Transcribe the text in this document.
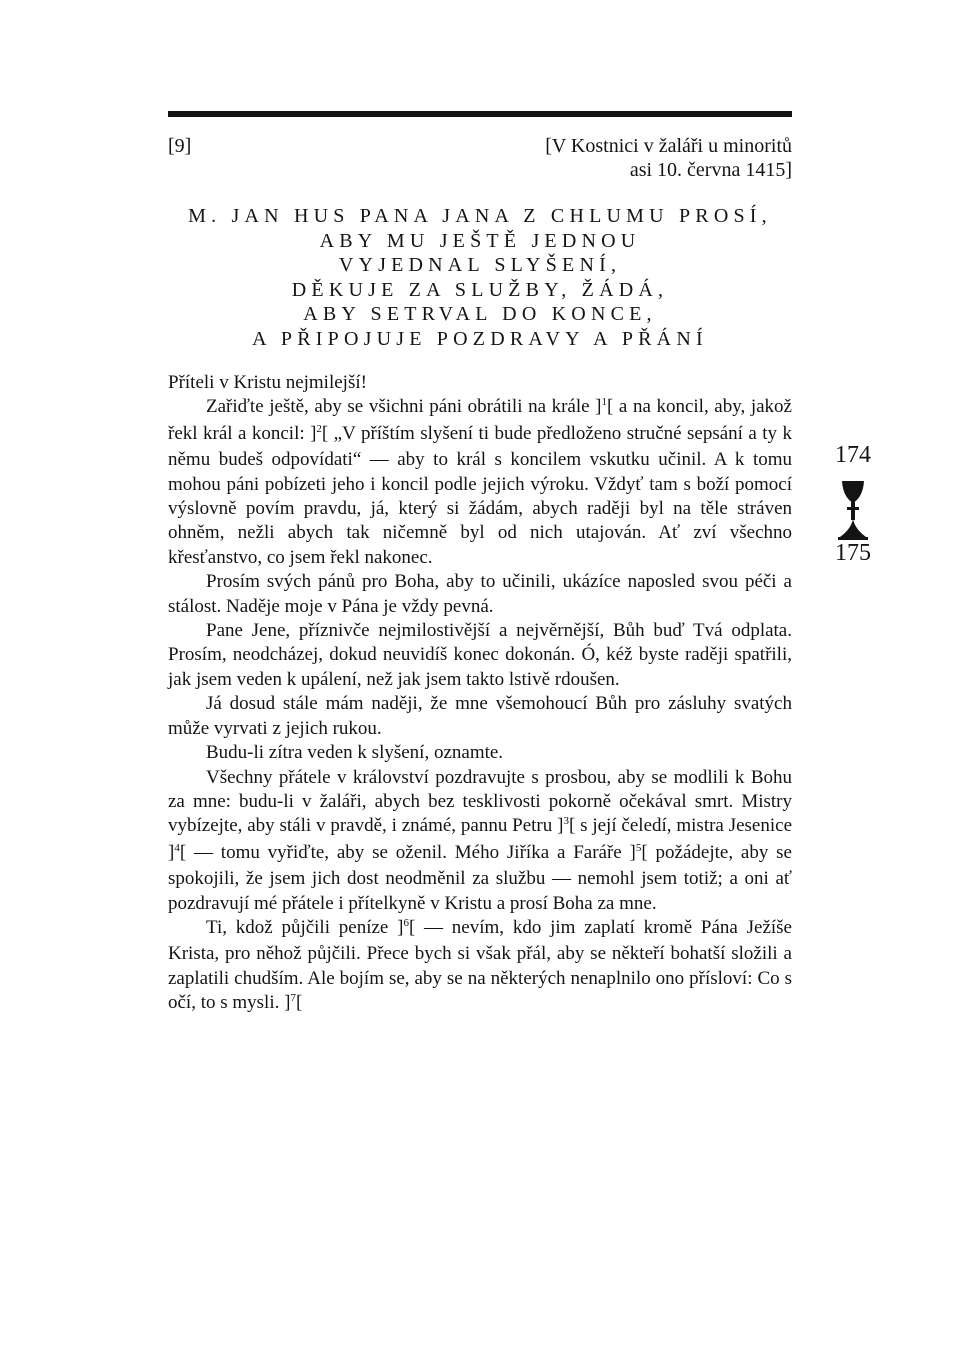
[9]	[V Kostnici v žaláři u minoritů
asi 10. června 1415]
M. JAN HUS PANA JANA Z CHLUMU PROSÍ,
ABY MU JEŠTĚ JEDNOU
VYJEDNAL SLYŠENÍ,
DĚKUJE ZA SLUŽBY, ŽÁDÁ,
ABY SETRVAL DO KONCE,
A PŘIPOJUJE POZDRAVY A PŘÁNÍ

Příteli v Kristu nejmilejší!

Zařiďte ještě, aby se všichni páni obrátili na krále ]$^1$[ a na koncil, aby, jakož řekl král a koncil: ]$^2$[ „V příštím slyšení ti bude předloženo stručné sepsání a ty k němu budeš odpovídati“ — aby to král s koncilem vskutku učinil. A k tomu mohou páni pobízeti jeho i koncil podle jejich výroku. Vždyť tam s boží pomocí výslovně povím pravdu, já, který si žádám, abych raději byl na těle stráven ohněm, nežli abych tak ničemně byl od nich utajován. Ať zví všechno křesťanstvo, co jsem řekl nakonec.

Prosím svých pánů pro Boha, aby to učinili, ukázíce naposled svou péči a stálost. Naděje moje v Pána je vždy pevná.

Pane Jene, příznivče nejmilostivější a nejvěrnější, Bůh buď Tvá odplata. Prosím, neodcházej, dokud neuvidíš konec dokonán. Ó, kéž byste raději spatřili, jak jsem veden k upálení, než jak jsem takto lstivě rdoušen.

Já dosud stále mám naději, že mne všemohoucí Bůh pro zásluhy svatých může vyrvati z jejich rukou.

Budu-li zítra veden k slyšení, oznamte.

Všechny přátele v království pozdravujte s prosbou, aby se modlili k Bohu za mne: budu-li v žaláři, abych bez tesklivosti pokorně očekával smrt. Mistry vybízejte, aby stáli v pravdě, i známé, pannu Petru ]$^3$[ s její čeledí, mistra Jesenice ]$^4$[ — tomu vyřiďte, aby se oženil. Mého Jiříka a Faráře ]$^5$[ požádejte, aby se spokojili, že jsem jich dost neodměnil za službu — nemohl jsem totiž; a oni ať pozdravují mé přátele i přítelkyně v Kristu a prosí Boha za mne.

Ti, kdož půjčili peníze ]$^6$[ — nevím, kdo jim zaplatí kromě Pána Ježíše Krista, pro něhož půjčili. Přece bych si však přál, aby se někteří bohatší složili a zaplatili chudším. Ale bojím se, aby se na některých nenaplnilo ono přísloví: Co s očí, to s mysli. ]$^7$[

174
175
